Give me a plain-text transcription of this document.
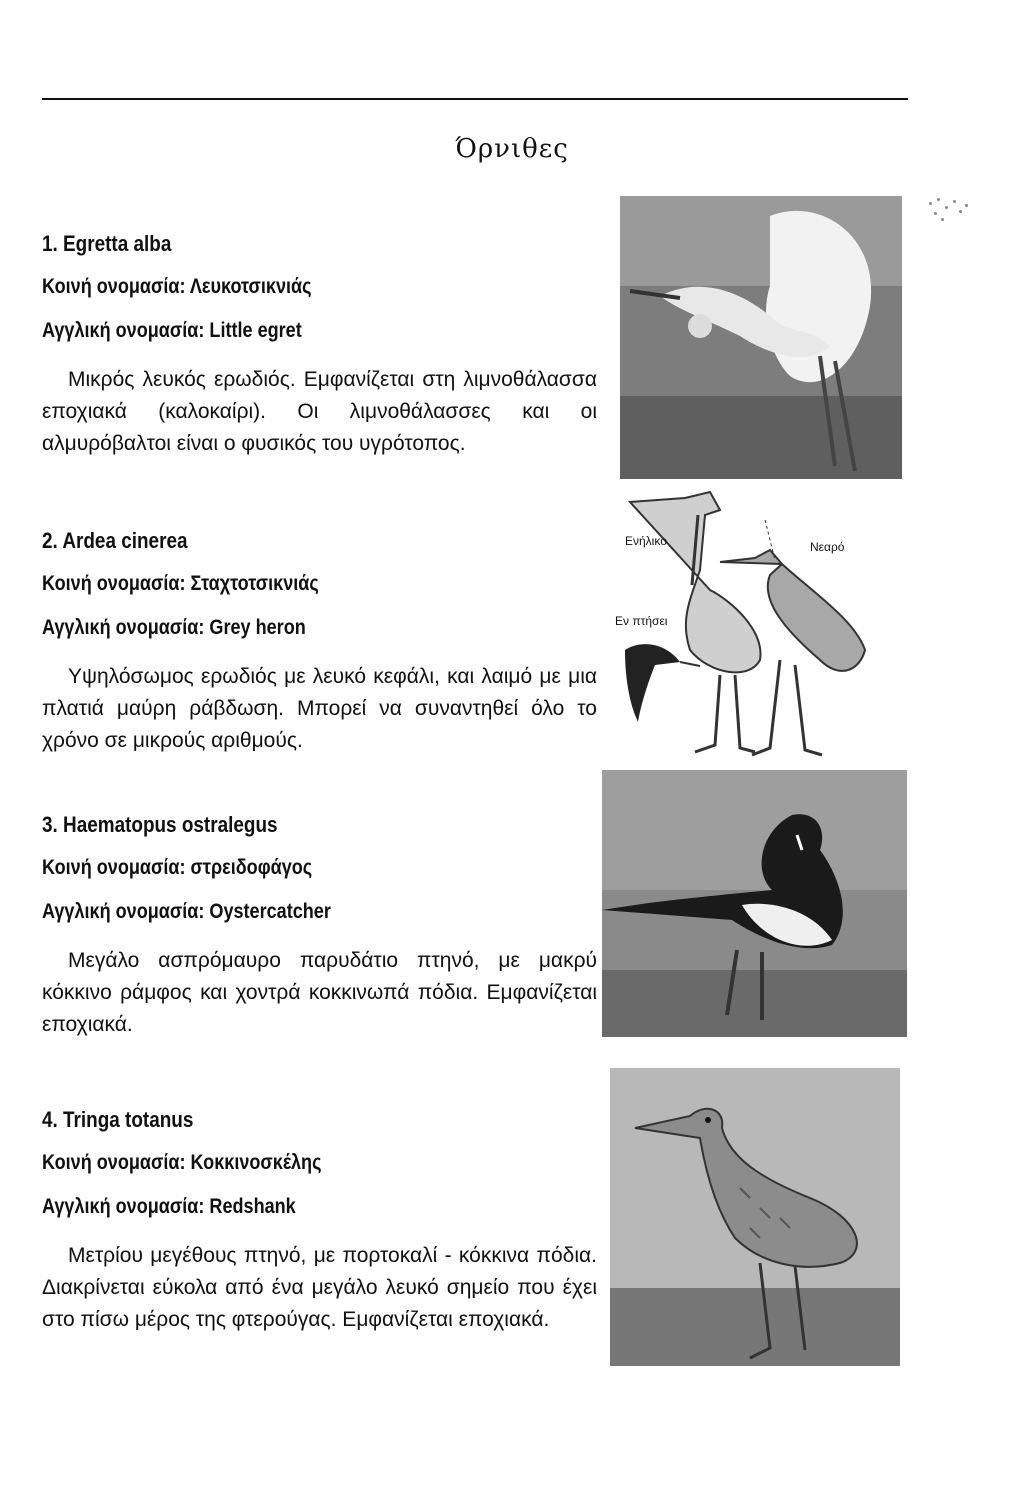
Όρνιθες
1. Egretta alba
Κοινή ονομασία: Λευκοτσικνιάς
Αγγλική ονομασία: Little egret
Μικρός λευκός ερωδιός. Εμφανίζεται στη λιμνοθάλασσα εποχιακά (καλοκαίρι). Οι λιμνοθάλασσες και οι αλμυρόβαλτοι είναι ο φυσικός του υγρότοπος.
2. Ardea cinerea
Κοινή ονομασία: Σταχτοτσικνιάς
Αγγλική ονομασία: Grey heron
Υψηλόσωμος ερωδιός με λευκό κεφάλι, και λαιμό με μια πλατιά μαύρη ράβδωση. Μπορεί να συναντηθεί όλο το χρόνο σε μικρούς αριθμούς.
Ενήλικο	Νεαρό
Εν πτήσει
3. Haematopus ostralegus
Κοινή ονομασία: στρειδοφάγος
Αγγλική ονομασία: Oystercatcher
Μεγάλο ασπρόμαυρο παρυδάτιο πτηνό, με μακρύ κόκκινο ράμφος και χοντρά κοκκινωπά πόδια. Εμφανίζεται εποχιακά.
4. Tringa totanus
Κοινή ονομασία: Κοκκινοσκέλης
Αγγλική ονομασία: Redshank
Μετρίου μεγέθους πτηνό, με πορτοκαλί - κόκκινα πόδια. Διακρίνεται εύκολα από ένα μεγάλο λευκό σημείο που έχει στο πίσω μέρος της φτερούγας. Εμφανίζεται εποχιακά.
